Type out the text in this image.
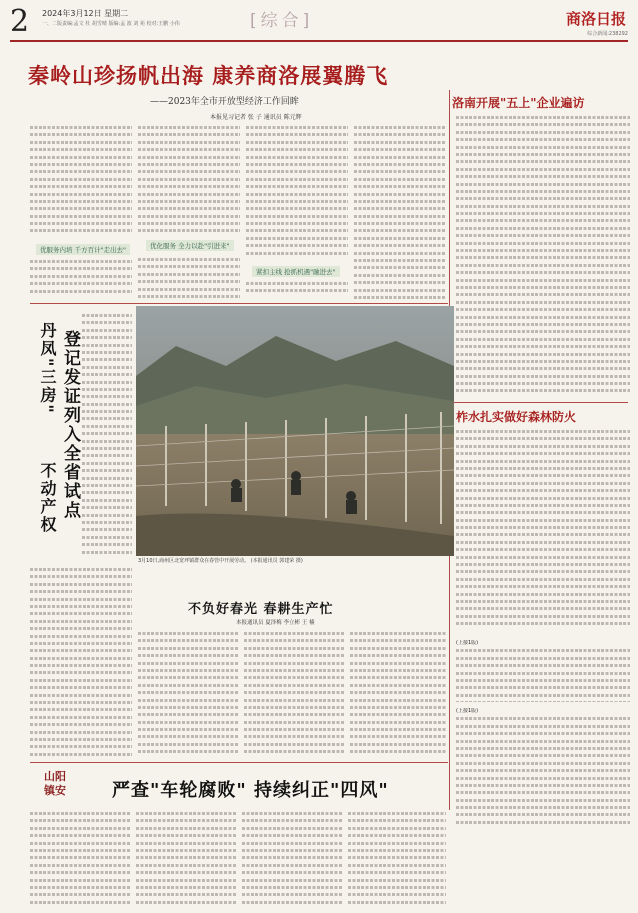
2 2024年3月12日 星期二
一、二版责编:孟文 杜 胡雪晴 版编:孟 波 刘 苑 校对:王鹏 小伟	[综合]	商洛日报
综合新闻:238292
秦岭山珍扬帆出海 康养商洛展翼腾飞
——2023年全市开放型经济工作回眸
本报见习记者 张 子 通讯员 陈元辉
优服务内培 千方百计"走出去"	优化服务 全力以赴"引进来"
紧扣主线 抢抓机遇"融进去"
洛南开展"五上"企业遍访
柞水扎实做好森林防火
(上接1版)
(上接1版)
丹凤"三房" 登记发证列入全省试点
不动产权
3月10日,商州区北宽坪镇群众在春管中开展劳动。 (本报通讯员 郭建荣 摄)
不负好春光 春耕生产忙
本报通讯员 夏泽梅 李立彬 王 楠
山阳镇安	严查"车轮腐败" 持续纠正"四风"
